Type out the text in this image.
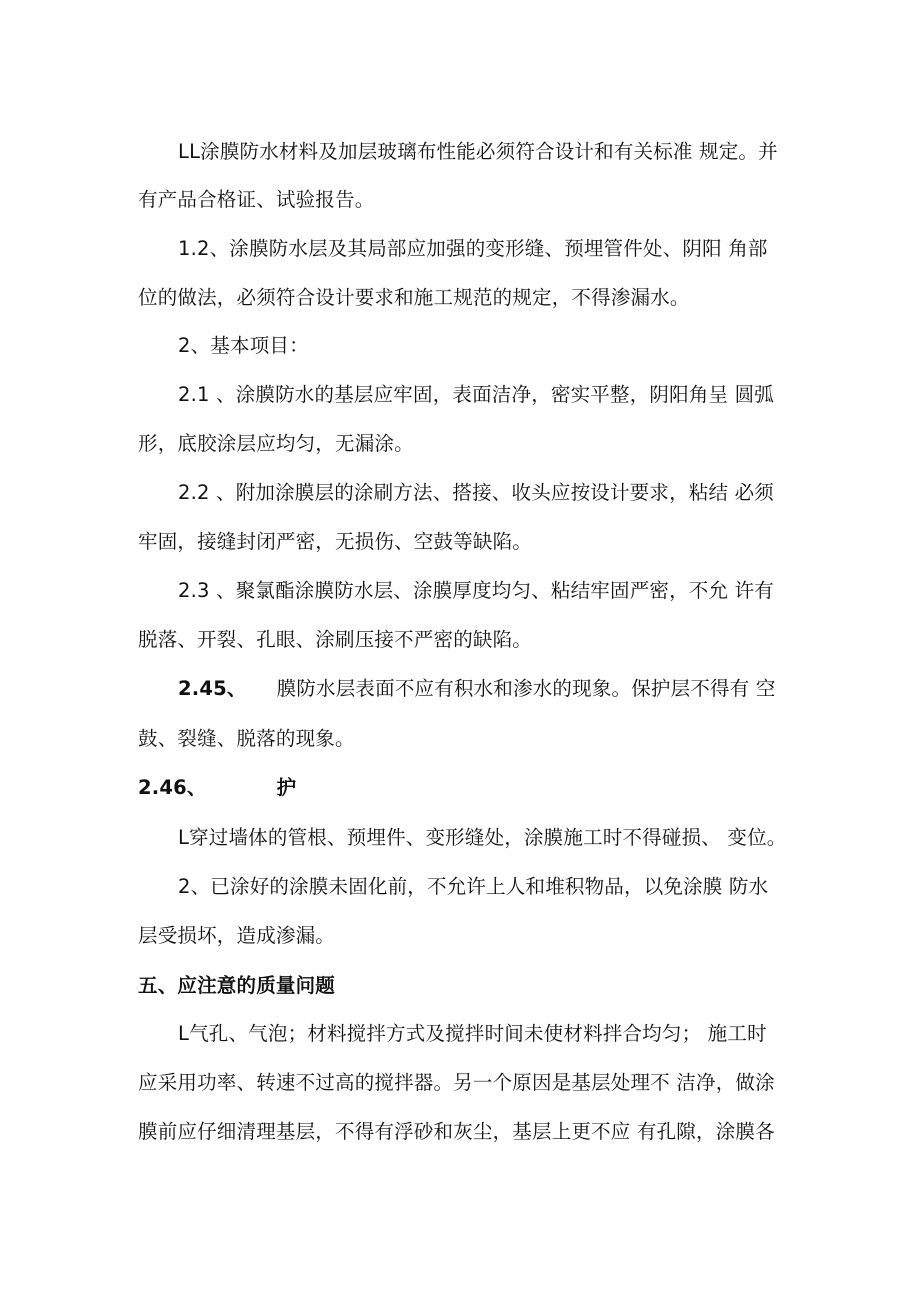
LL涂膜防水材料及加层玻璃布性能必须符合设计和有关标准 规定。并
有产品合格证、试验报告。
1.2、涂膜防水层及其局部应加强的变形缝、预埋管件处、阴阳 角部
位的做法，必须符合设计要求和施工规范的规定，不得渗漏水。
2、基本项目：
2.1 、涂膜防水的基层应牢固，表面洁净，密实平整，阴阳角呈 圆弧
形，底胶涂层应均匀，无漏涂。
2.2 、附加涂膜层的涂刷方法、搭接、收头应按设计要求，粘结 必须
牢固，接缝封闭严密，无损伤、空鼓等缺陷。
2.3 、聚氯酯涂膜防水层、涂膜厚度均匀、粘结牢固严密，不允 许有
脱落、开裂、孔眼、涂刷压接不严密的缺陷。
2.45、 膜防水层表面不应有积水和渗水的现象。保护层不得有 空
鼓、裂缝、脱落的现象。
2.46、	护
L穿过墙体的管根、预埋件、变形缝处，涂膜施工时不得碰损、 变位。
2、已涂好的涂膜未固化前，不允许上人和堆积物品，以免涂膜 防水
层受损坏，造成渗漏。
五、应注意的质量问题
L气孔、气泡；材料搅拌方式及搅拌时间未使材料拌合均匀； 施工时
应采用功率、转速不过高的搅拌器。另一个原因是基层处理不 洁净，做涂
膜前应仔细清理基层，不得有浮砂和灰尘，基层上更不应 有孔隙，涂膜各
